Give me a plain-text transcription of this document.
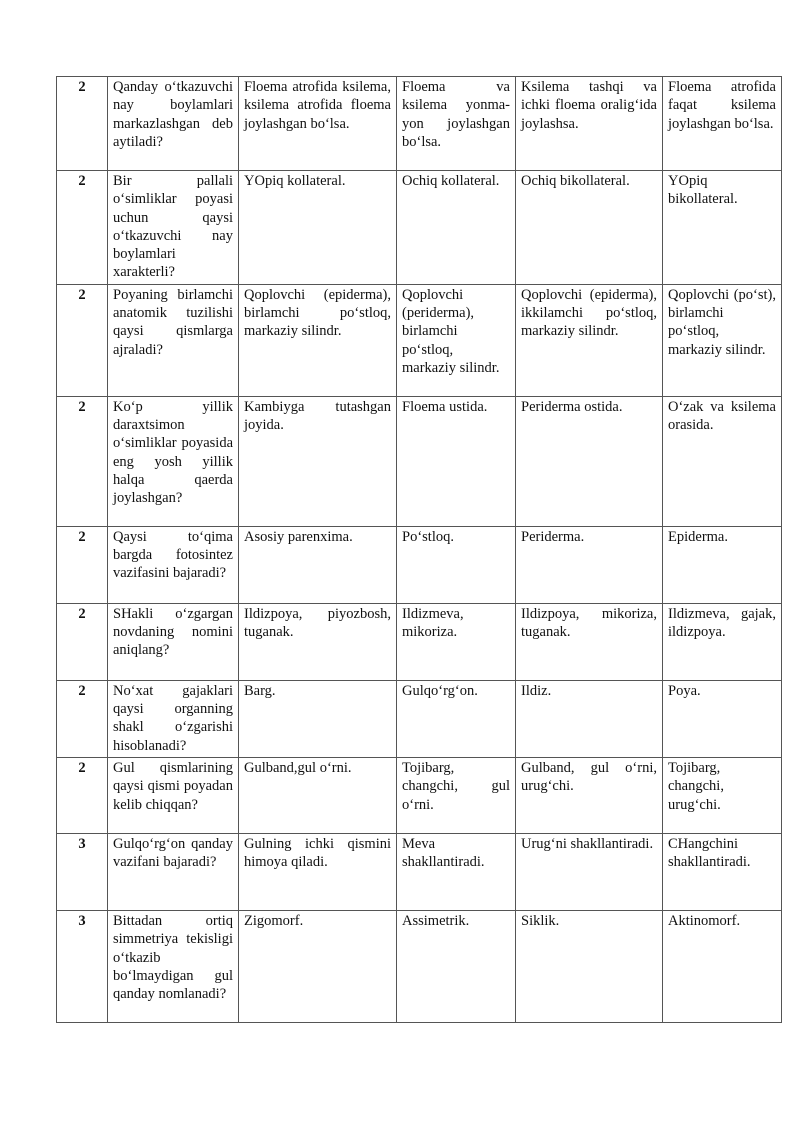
2	Qanday o‘tkazuvchi nay boylamlari markazlashgan deb aytiladi?	Floema atrofida ksilema, ksilema atrofida floema joylashgan bo‘lsa.	Floema va ksilema yonma-yon joylashgan bo‘lsa.	Ksilema tashqi va ichki floema oralig‘ida joylashsa.	Floema atrofida faqat ksilema joylashgan bo‘lsa.
2	Bir pallali o‘simliklar poyasi uchun qaysi o‘tkazuvchi nay boylamlari xarakterli?	YOpiq kollateral.	Ochiq kollateral.	Ochiq bikollateral.	YOpiq bikollateral.
2	Poyaning birlamchi anatomik tuzilishi qaysi qismlarga ajraladi?	Qoplovchi (epiderma), birlamchi po‘stloq, markaziy silindr.	Qoplovchi (periderma), birlamchi po‘stloq, markaziy silindr.	Qoplovchi (epiderma), ikkilamchi po‘stloq, markaziy silindr.	Qoplovchi (po‘st), birlamchi po‘stloq, markaziy silindr.
2	Ko‘p yillik daraxtsimon o‘simliklar poyasida eng yosh yillik halqa qaerda joylashgan?	Kambiyga tutashgan joyida.	Floema ustida.	Periderma ostida.	O‘zak va ksilema orasida.
2	Qaysi to‘qima bargda fotosintez vazifasini bajaradi?	Asosiy parenxima.	Po‘stloq.	Periderma.	Epiderma.
2	SHakli o‘zgargan novdaning nomini aniqlang?	Ildizpoya, piyozbosh, tuganak.	Ildizmeva, mikoriza.	Ildizpoya, mikoriza, tuganak.	Ildizmeva, gajak, ildizpoya.
2	No‘xat gajaklari qaysi organning shakl o‘zgarishi hisoblanadi?	Barg.	Gulqo‘rg‘on.	Ildiz.	Poya.
2	Gul qismlarining qaysi qismi poyadan kelib chiqqan?	Gulband,gul o‘rni.	Tojibarg, changchi, gul o‘rni.	Gulband, gul o‘rni, urug‘chi.	Tojibarg, changchi, urug‘chi.
3	Gulqo‘rg‘on qanday vazifani bajaradi?	Gulning ichki qismini himoya qiladi.	Meva shakllantiradi.	Urug‘ni shakllantiradi.	CHangchini shakllantiradi.
3	Bittadan ortiq simmetriya tekisligi o‘tkazib bo‘lmaydigan gul qanday nomlanadi?	Zigomorf.	Assimetrik.	Siklik.	Aktinomorf.
